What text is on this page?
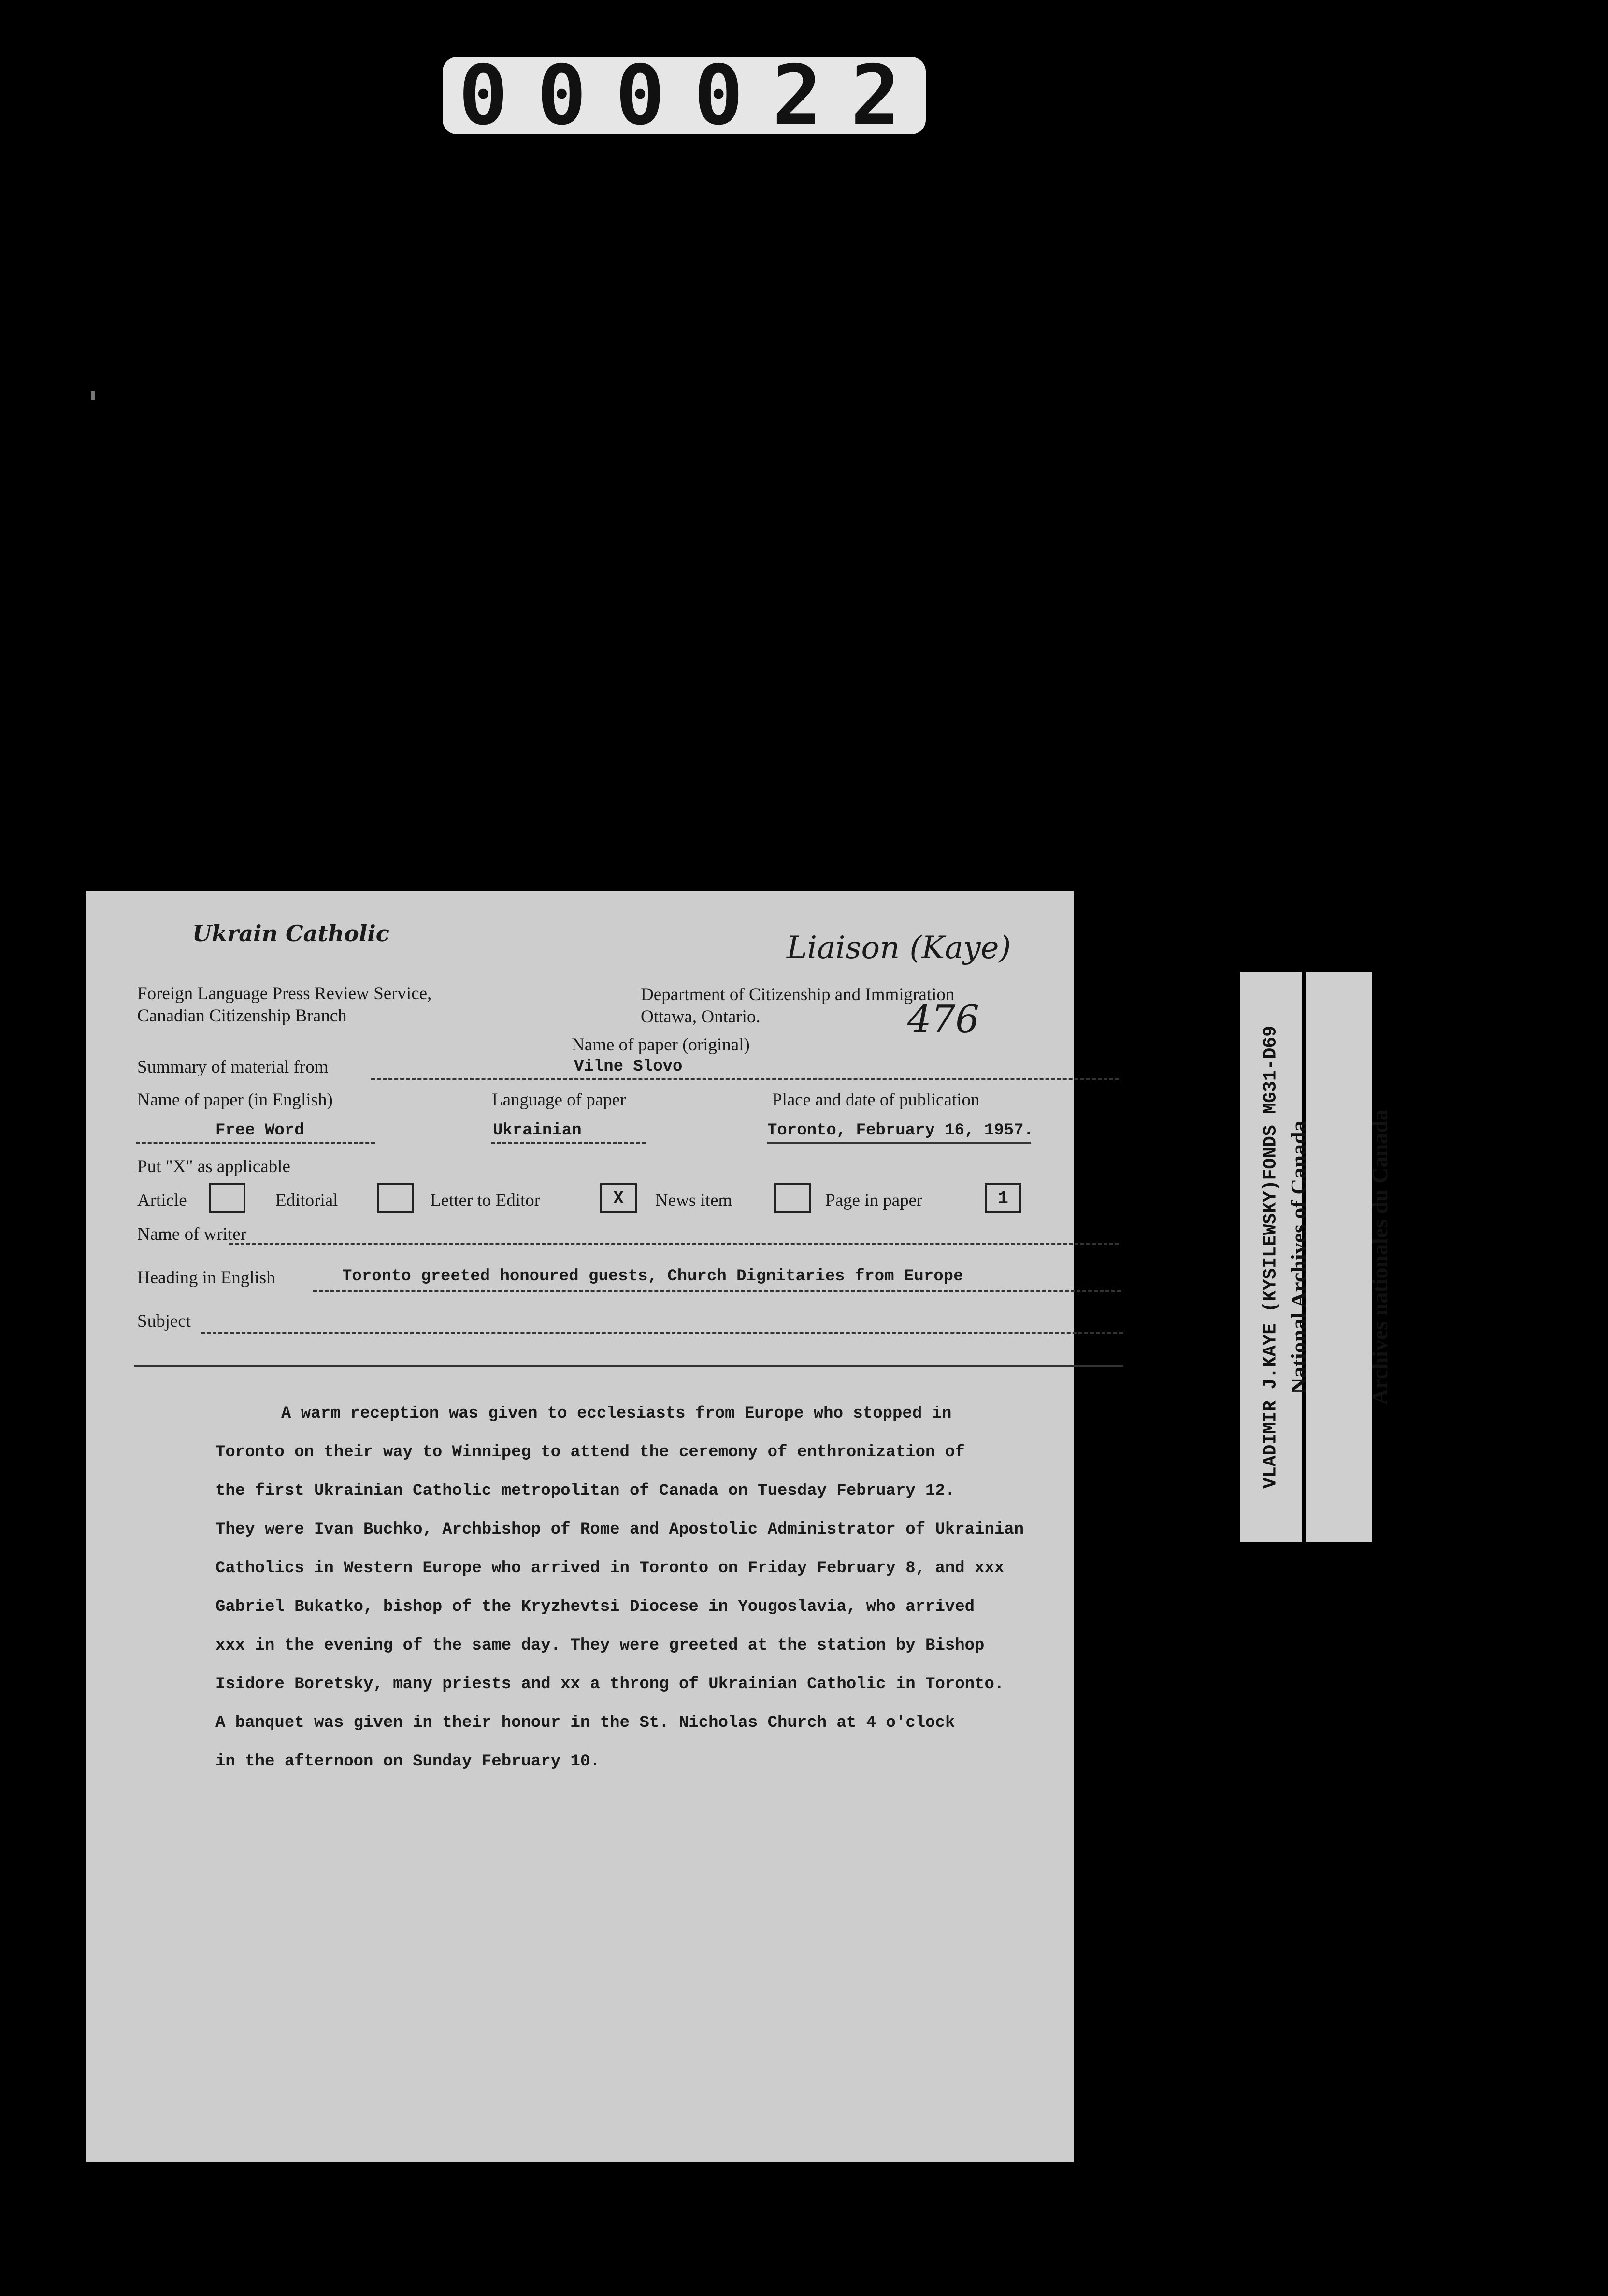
000022
Ukrain Catholic	Liaison (Kaye)
476
Foreign Language Press Review Service,
Canadian Citizenship Branch
Department of Citizenship and Immigration
Ottawa, Ontario.
Name of paper (original)
Summary of material from	Vilne Slovo
Name of paper (in English)	Language of paper	Place and date of publication
Free Word	Ukrainian	Toronto, February 16, 1957.
Put "X" as applicable
Article	Editorial	Letter to Editor	X	News item	Page in paper	1
Name of writer
Heading in English	Toronto greeted honoured guests, Church Dignitaries from Europe
Subject
A warm reception was given to ecclesiasts from Europe who stopped in
Toronto on their way to Winnipeg to attend the ceremony of enthronization of
the first Ukrainian Catholic metropolitan of Canada on Tuesday February 12.
They were Ivan Buchko, Archbishop of Rome and Apostolic Administrator of Ukrainian
Catholics in Western Europe who arrived in Toronto on Friday February 8, and xxx
Gabriel Bukatko, bishop of the Kryzhevtsi Diocese in Yougoslavia, who arrived
xxx in the evening of the same day. They were greeted at the station by Bishop
Isidore Boretsky, many priests and xx a throng of Ukrainian Catholic in Toronto.
A banquet was given in their honour in the St. Nicholas Church at 4 o'clock
in the afternoon on Sunday February 10.
VLADIMIR J.KAYE (KYSILEWSKY)FONDS MG31-D69

National Archives of Canada

	Archives nationales du Canada
